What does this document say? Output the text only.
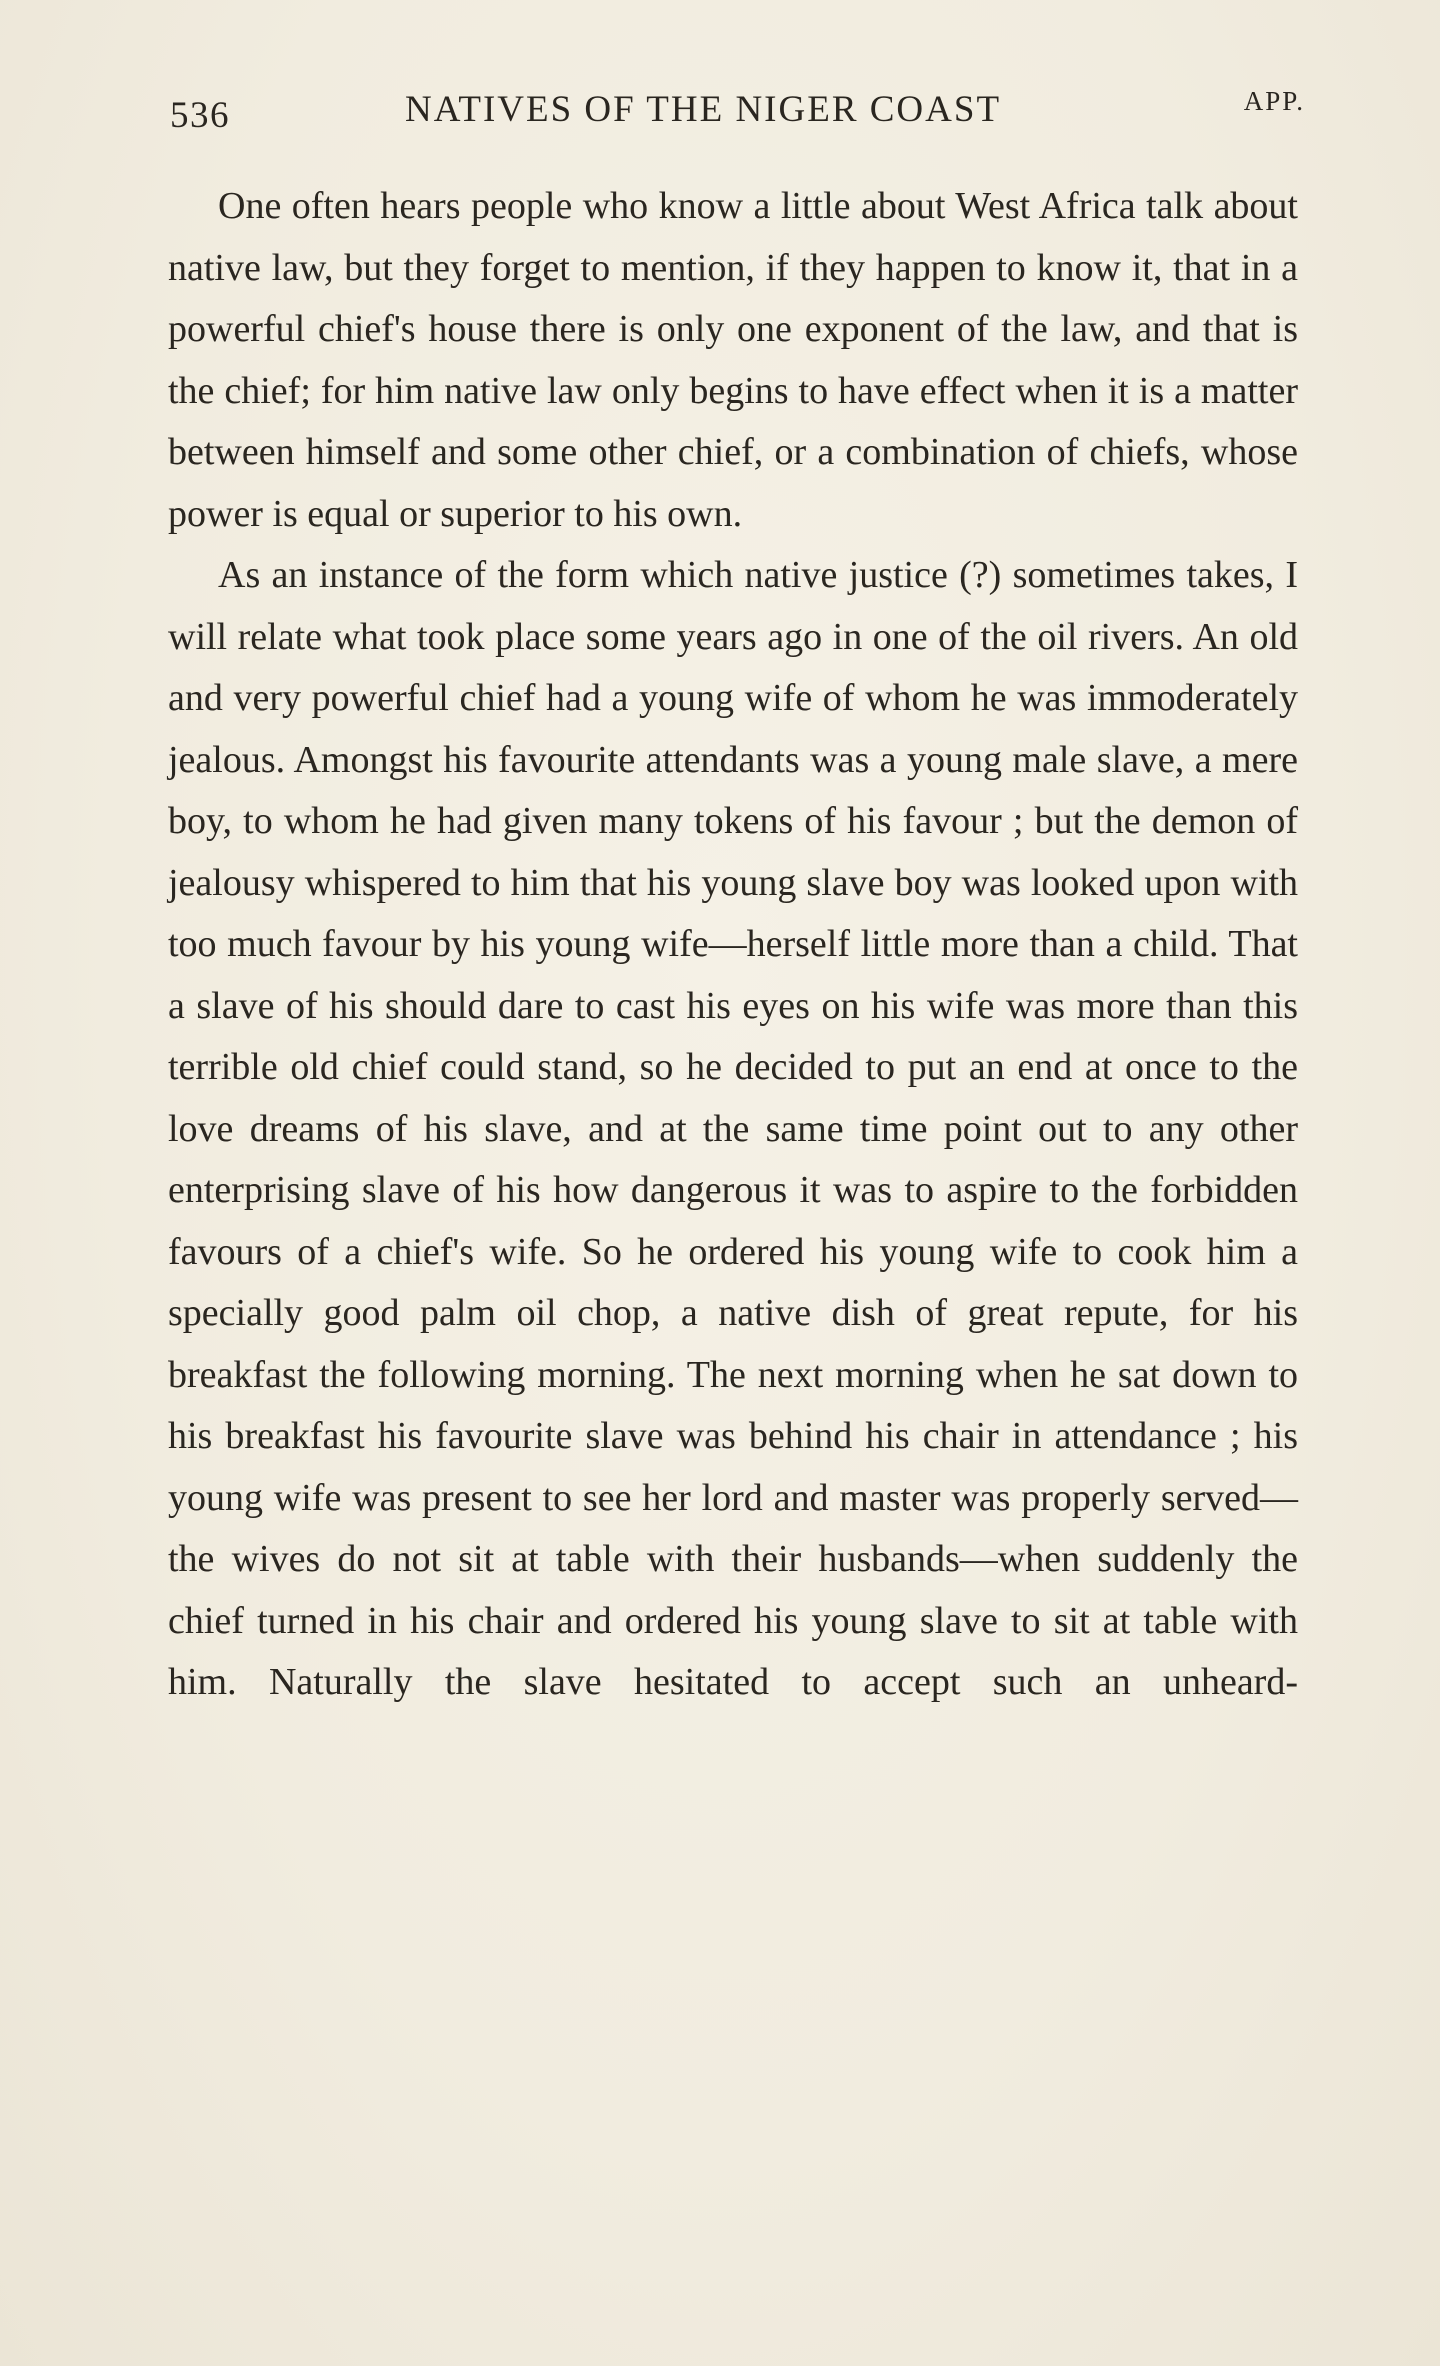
536	NATIVES OF THE NIGER COAST	APP.

One often hears people who know a little about West Africa talk about native law, but they forget to mention, if they happen to know it, that in a powerful chief's house there is only one exponent of the law, and that is the chief; for him native law only begins to have effect when it is a matter between himself and some other chief, or a combination of chiefs, whose power is equal or superior to his own.

As an instance of the form which native justice (?) sometimes takes, I will relate what took place some years ago in one of the oil rivers. An old and very powerful chief had a young wife of whom he was immoderately jealous. Amongst his favourite attendants was a young male slave, a mere boy, to whom he had given many tokens of his favour ; but the demon of jealousy whispered to him that his young slave boy was looked upon with too much favour by his young wife—herself little more than a child. That a slave of his should dare to cast his eyes on his wife was more than this terrible old chief could stand, so he decided to put an end at once to the love dreams of his slave, and at the same time point out to any other enterprising slave of his how dangerous it was to aspire to the forbidden favours of a chief's wife. So he ordered his young wife to cook him a specially good palm oil chop, a native dish of great repute, for his breakfast the following morning. The next morning when he sat down to his breakfast his favourite slave was behind his chair in attendance ; his young wife was present to see her lord and master was properly served—the wives do not sit at table with their husbands—when suddenly the chief turned in his chair and ordered his young slave to sit at table with him. Naturally the slave hesitated to accept such an unheard-
